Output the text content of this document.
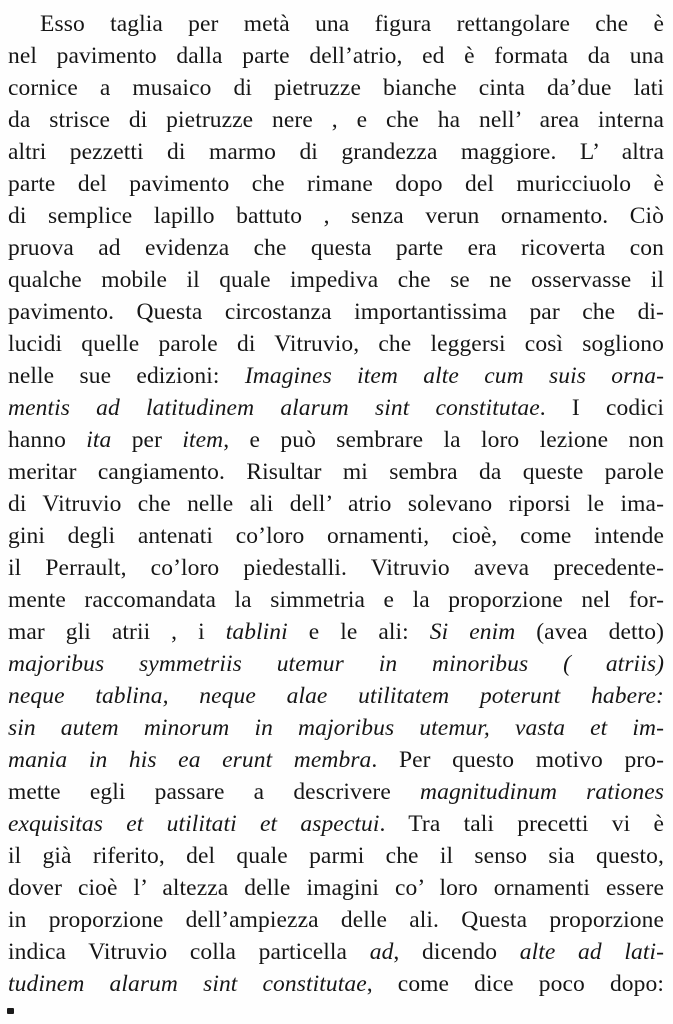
Esso taglia per metà una figura rettangolare che è
nel pavimento dalla parte dell’atrio, ed è formata da una
cornice a musaico di pietruzze bianche cinta da’due lati
da strisce di pietruzze nere , e che ha nell’ area interna
altri pezzetti di marmo di grandezza maggiore. L’ altra
parte del pavimento che rimane dopo del muricciuolo è
di semplice lapillo battuto , senza verun ornamento. Ciò
pruova ad evidenza che questa parte era ricoverta con
qualche mobile il quale impediva che se ne osservasse il
pavimento. Questa circostanza importantissima par che di-
lucidi quelle parole di Vitruvio, che leggersi così sogliono
nelle sue edizioni: Imagines item alte cum suis orna-
mentis ad latitudinem alarum sint constitutae. I codici
hanno ita per item, e può sembrare la loro lezione non
meritar cangiamento. Risultar mi sembra da queste parole
di Vitruvio che nelle ali dell’ atrio solevano riporsi le ima-
gini degli antenati co’loro ornamenti, cioè, come intende
il Perrault, co’loro piedestalli. Vitruvio aveva precedente-
mente raccomandata la simmetria e la proporzione nel for-
mar gli atrii , i tablini e le ali: Si enim (avea detto)
majoribus symmetriis utemur in minoribus ( atriis)
neque tablina, neque alae utilitatem poterunt habere:
sin autem minorum in majoribus utemur, vasta et im-
mania in his ea erunt membra. Per questo motivo pro-
mette egli passare a descrivere magnitudinum rationes
exquisitas et utilitati et aspectui. Tra tali precetti vi è
il già riferito, del quale parmi che il senso sia questo,
dover cioè l’ altezza delle imagini co’ loro ornamenti essere
in proporzione dell’ampiezza delle ali. Questa proporzione
indica Vitruvio colla particella ad, dicendo alte ad lati-
tudinem alarum sint constitutae, come dice poco dopo:
